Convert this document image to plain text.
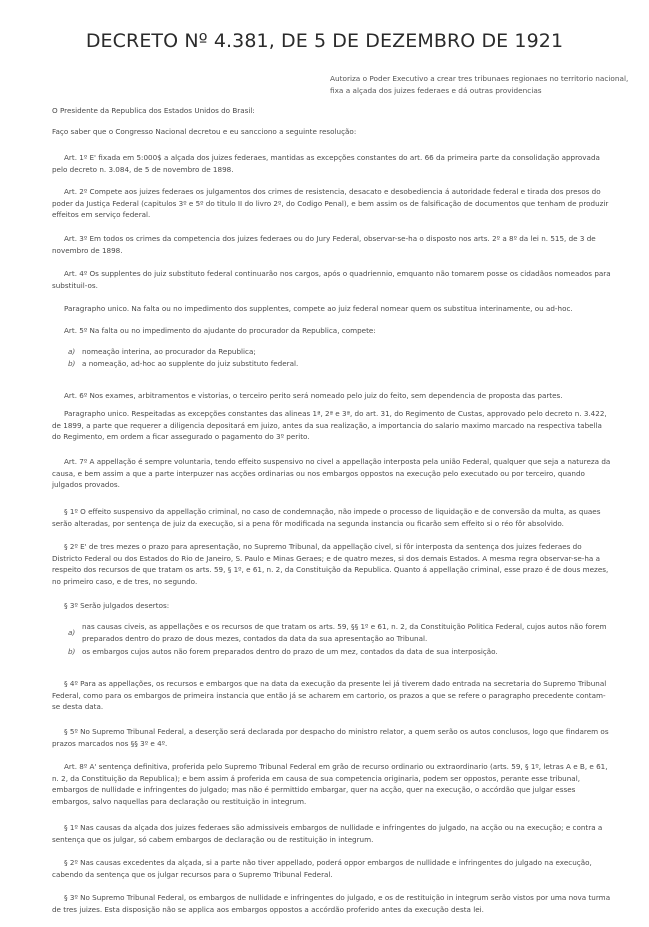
DECRETO Nº 4.381, DE 5 DE DEZEMBRO DE 1921

Autoriza o Poder Executivo a crear tres tribunaes regionaes no territorio nacional, fixa a alçada dos juizes federaes e dá outras providencias

O Presidente da Republica dos Estados Unidos do Brasil:

Faço saber que o Congresso Nacional decretou e eu sancciono a seguinte resolução:

Art. 1º E' fixada em 5:000$ a alçada dos juizes federaes, mantidas as excepções constantes do art. 66 da primeira parte da consolidação approvada pelo decreto n. 3.084, de 5 de novembro de 1898.

Art. 2º Compete aos juizes federaes os julgamentos dos crimes de resistencia, desacato e desobediencia á autoridade federal e tirada dos presos do poder da Justiça Federal (capitulos 3º e 5º do titulo II do livro 2º, do Codigo Penal), e bem assim os de falsificação de documentos que tenham de produzir effeitos em serviço federal.

Art. 3º Em todos os crimes da competencia dos juizes federaes ou do Jury Federal, observar-se-ha o disposto nos arts. 2º a 8º da lei n. 515, de 3 de novembro de 1898.

Art. 4º Os supplentes do juiz substituto federal continuarão nos cargos, após o quadriennio, emquanto não tomarem posse os cidadãos nomeados para substituil-os.

Paragrapho unico. Na falta ou no impedimento dos supplentes, compete ao juiz federal nomear quem os substitua interinamente, ou ad-hoc.

Art. 5º Na falta ou no impedimento do ajudante do procurador da Republica, compete:

a) nomeação interina, ao procurador da Republica;
b) a nomeação, ad-hoc ao supplente do juiz substituto federal.

Art. 6º Nos exames, arbitramentos e vistorias, o terceiro perito será nomeado pelo juiz do feito, sem dependencia de proposta das partes.

Paragrapho unico. Respeitadas as excepções constantes das alineas 1ª, 2ª e 3ª, do art. 31, do Regimento de Custas, approvado pelo decreto n. 3.422, de 1899, a parte que requerer a diligencia depositará em juizo, antes da sua realização, a importancia do salario maximo marcado na respectiva tabella do Regimento, em ordem a ficar assegurado o pagamento do 3º perito.

Art. 7º A appellação é sempre voluntaria, tendo effeito suspensivo no civel a appellação interposta pela união Federal, qualquer que seja a natureza da causa, e bem assim a que a parte interpuzer nas acções ordinarias ou nos embargos oppostos na execução pelo executado ou por terceiro, quando julgados provados.

§ 1º O effeito suspensivo da appellação criminal, no caso de condemnação, não impede o processo de liquidação e de conversão da multa, as quaes serão alteradas, por sentença de juiz da execução, si a pena fôr modificada na segunda instancia ou ficarão sem effeito si o réo fôr absolvido.

§ 2º E' de tres mezes o prazo para apresentação, no Supremo Tribunal, da appellação civel, si fôr interposta da sentença dos juizes federaes do Districto Federal ou dos Estados do Rio de Janeiro, S. Paulo e Minas Geraes; e de quatro mezes, si dos demais Estados. A mesma regra observar-se-ha a respeito dos recursos de que tratam os arts. 59, § 1º, e 61, n. 2, da Constituição da Republica. Quanto á appellação criminal, esse prazo é de dous mezes, no primeiro caso, e de tres, no segundo.

§ 3º Serão julgados desertos:

a)
nas causas civeis, as appellações e os recursos de que tratam os arts. 59, §§ 1º e 61, n. 2, da Constituição Politica Federal, cujos autos não forem preparados dentro do prazo de dous mezes, contados da data da sua apresentação ao Tribunal.
b) os embargos cujos autos não forem preparados dentro do prazo de um mez, contados da data de sua interposição.

§ 4º Para as appellações, os recursos e embargos que na data da execução da presente lei já tiverem dado entrada na secretaria do Supremo Tribunal Federal, como para os embargos de primeira instancia que então já se acharem em cartorio, os prazos a que se refere o paragrapho precedente contam-se desta data.

§ 5º No Supremo Tribunal Federal, a deserção será declarada por despacho do ministro relator, a quem serão os autos conclusos, logo que findarem os prazos marcados nos §§ 3º e 4º.

Art. 8º A' sentença definitiva, proferida pelo Supremo Tribunal Federal em grão de recurso ordinario ou extraordinario (arts. 59, § 1º, letras A e B, e 61, n. 2, da Constituição da Republica); e bem assim á proferida em causa de sua competencia originaria, podem ser oppostos, perante esse tribunal, embargos de nullidade e infringentes do julgado; mas não é permittido embargar, quer na acção, quer na execução, o accórdão que julgar esses embargos, salvo naquellas para declaração ou restituição in integrum.

§ 1º Nas causas da alçada dos juizes federaes são admissiveis embargos de nullidade e infringentes do julgado, na acção ou na execução; e contra a sentença que os julgar, só cabem embargos de declaração ou de restituição in integrum.

§ 2º Nas causas excedentes da alçada, si a parte não tiver appellado, poderá oppor embargos de nullidade e infringentes do julgado na execução, cabendo da sentença que os julgar recursos para o Supremo Tribunal Federal.

§ 3º No Supremo Tribunal Federal, os embargos de nullidade e infringentes do julgado, e os de restituição in integrum serão vistos por uma nova turma de tres juizes. Esta disposição não se applica aos embargos oppostos a accórdão proferido antes da execução desta lei.
